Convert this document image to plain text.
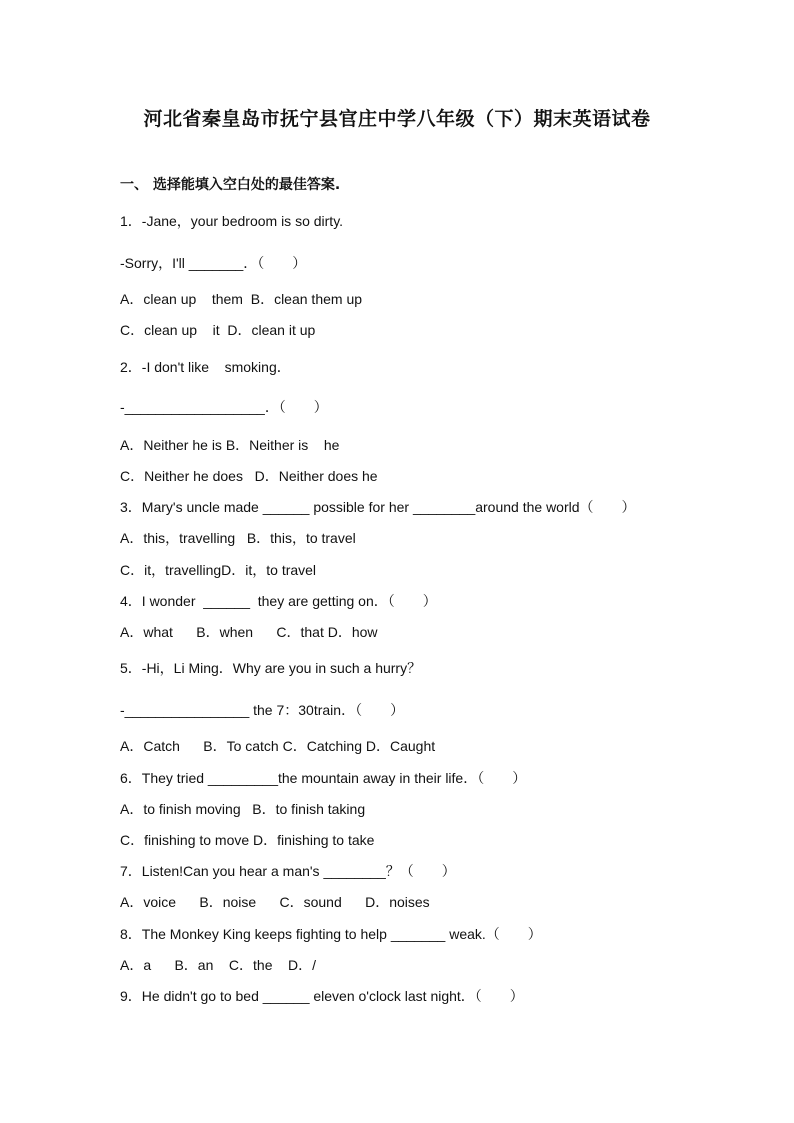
河北省秦皇岛市抚宁县官庄中学八年级（下）期末英语试卷
一、 选择能填入空白处的最佳答案.
1．-Jane，your bedroom is so dirty.
-Sorry，I'll _______．（　　）
A．clean up    them  B．clean them up
C．clean up    it  D．clean it up
2．-I don't like    smoking．
-__________________．（　　）
A．Neither he is B．Neither is    he
C．Neither he does   D．Neither does he
3．Mary's uncle made ______ possible for her ________around the world（　　）
A．this，travelling   B．this，to travel
C．it，travellingD．it，to travel
4．I wonder  ______  they are getting on．（　　）
A．what      B．when      C．that D．how
5．-Hi，Li Ming．Why are you in such a hurry？
-________________ the 7：30train．（　　）
A．Catch      B．To catch C．Catching D．Caught
6．They tried _________the mountain away in their life．（　　）
A．to finish moving   B．to finish taking
C．finishing to move D．finishing to take
7．Listen!Can you hear a man's ________？（　　）
A．voice      B．noise      C．sound      D．noises
8．The Monkey King keeps fighting to help _______ weak.（　　）
A．a      B．an    C．the    D．/
9．He didn't go to bed ______ eleven o'clock last night．（　　）
